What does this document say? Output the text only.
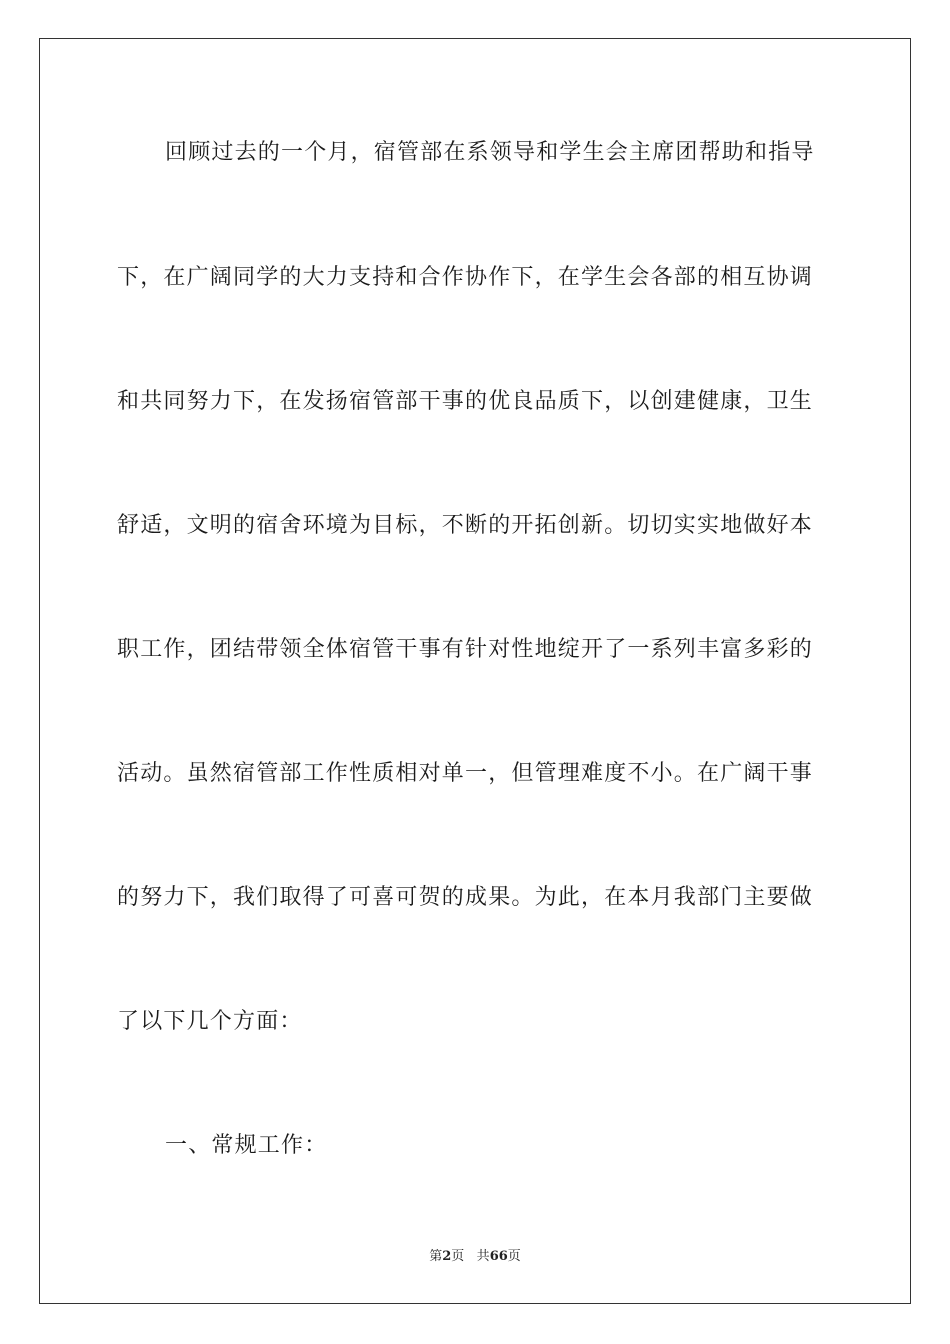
回顾过去的一个月，宿管部在系领导和学生会主席团帮助和指导
下，在广阔同学的大力支持和合作协作下，在学生会各部的相互协调
和共同努力下，在发扬宿管部干事的优良品质下，以创建健康，卫生
舒适，文明的宿舍环境为目标，不断的开拓创新。切切实实地做好本
职工作，团结带领全体宿管干事有针对性地绽开了一系列丰富多彩的
活动。虽然宿管部工作性质相对单一，但管理难度不小。在广阔干事
的努力下，我们取得了可喜可贺的成果。为此，在本月我部门主要做
了以下几个方面：
一、常规工作：
第2页 共66页
